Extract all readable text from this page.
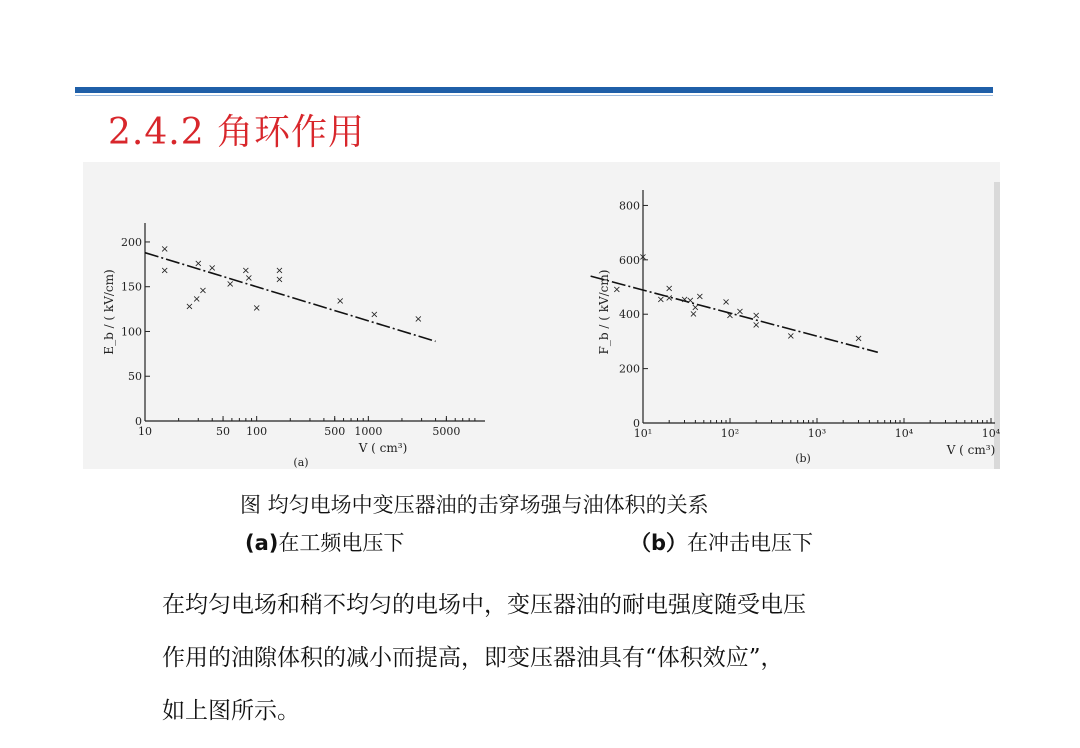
2.4.2 角环作用
0
50
100
150
200
10	50 100	500 1000	5000
E_b / ( kV/cm)
V ( cm³)
(a)
×
×
×
×
×
×
×
×
×
×
×
×
×
×
×	×
0
200
400
600
800
10¹	10²	10³	10⁴	10⁴
F_b / ( kV/cm)
V ( cm³)
(b)
×
×
×
×
× ×
×
×
×
× ×
× × ×
×
×	×
图 均匀电场中变压器油的击穿场强与油体积的关系
(a)在工频电压下	（b）在冲击电压下
在均匀电场和稍不均匀的电场中，变压器油的耐电强度随受电压
作用的油隙体积的减小而提高，即变压器油具有“体积效应”，
如上图所示。
